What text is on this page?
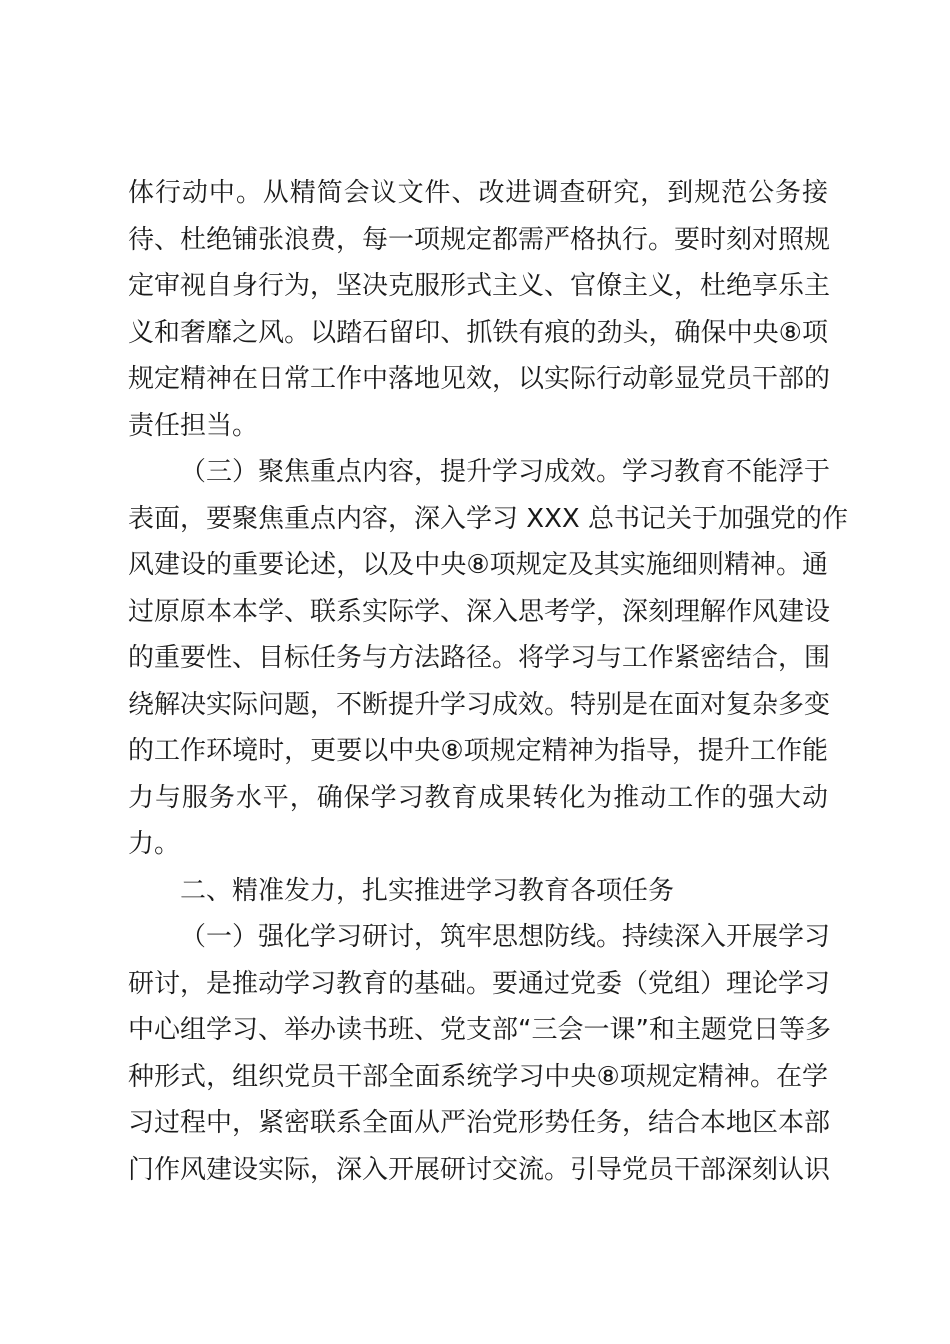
体行动中。从精简会议文件、改进调查研究，到规范公务接
待、杜绝铺张浪费，每一项规定都需严格执行。要时刻对照规
定审视自身行为，坚决克服形式主义、官僚主义，杜绝享乐主
义和奢靡之风。以踏石留印、抓铁有痕的劲头，确保中央⑧项
规定精神在日常工作中落地见效，以实际行动彰显党员干部的
责任担当。
（三）聚焦重点内容，提升学习成效。学习教育不能浮于
表面，要聚焦重点内容，深入学习 XXX 总书记关于加强党的作
风建设的重要论述，以及中央⑧项规定及其实施细则精神。通
过原原本本学、联系实际学、深入思考学，深刻理解作风建设
的重要性、目标任务与方法路径。将学习与工作紧密结合，围
绕解决实际问题，不断提升学习成效。特别是在面对复杂多变
的工作环境时，更要以中央⑧项规定精神为指导，提升工作能
力与服务水平，确保学习教育成果转化为推动工作的强大动
力。
二、精准发力，扎实推进学习教育各项任务
（一）强化学习研讨，筑牢思想防线。持续深入开展学习
研讨，是推动学习教育的基础。要通过党委（党组）理论学习
中心组学习、举办读书班、党支部“三会一课”和主题党日等多
种形式，组织党员干部全面系统学习中央⑧项规定精神。在学
习过程中，紧密联系全面从严治党形势任务，结合本地区本部
门作风建设实际，深入开展研讨交流。引导党员干部深刻认识
